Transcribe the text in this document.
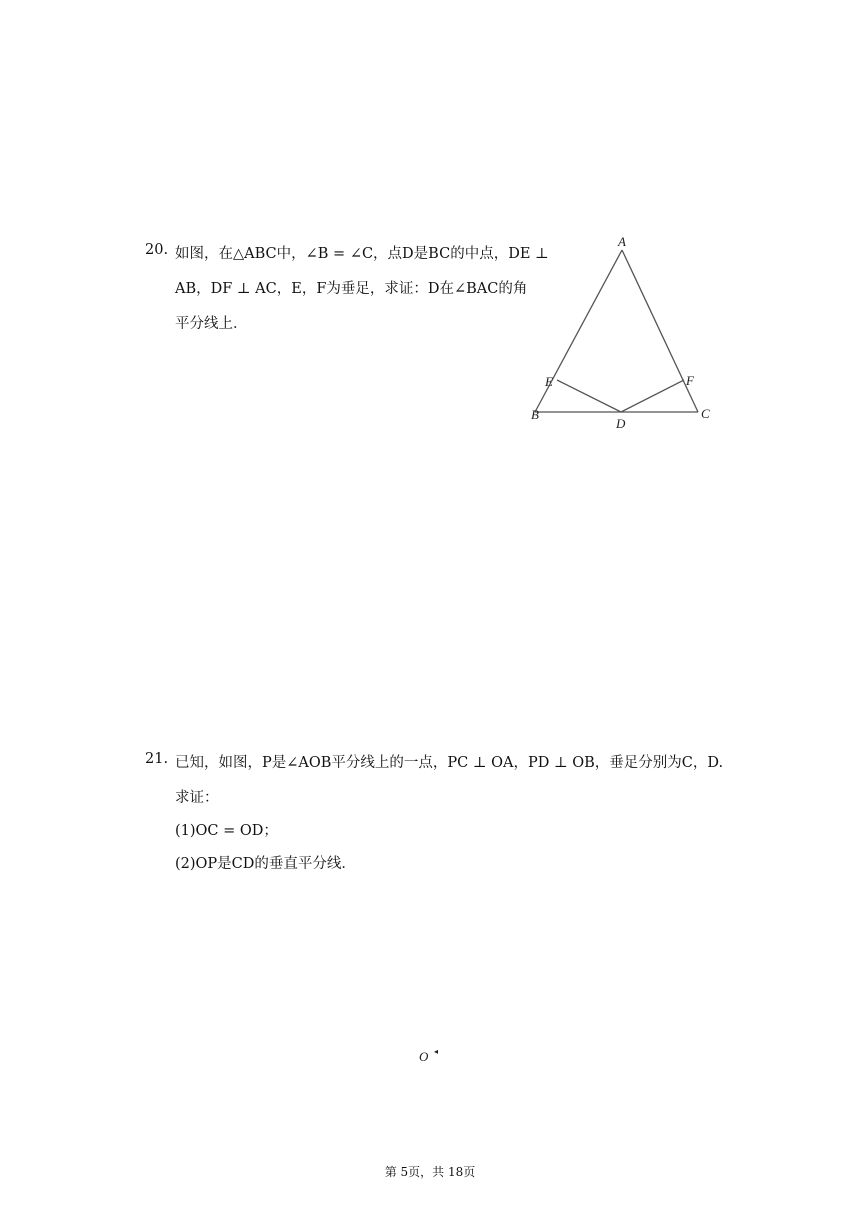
20. 如图，在△ABC中，∠B = ∠C，点D是BC的中点，DE ⊥
AB，DF ⊥ AC，E，F为垂足，求证：D在∠BAC的角
平分线上．
A
B	C
D
E	F
21. 已知，如图，P是∠AOB平分线上的一点，PC ⊥ OA，PD ⊥ OB，垂足分别为C，D.
求证：
(1)OC = OD；
(2)OP是CD的垂直平分线．
O ◂
第 5页，共 18页
